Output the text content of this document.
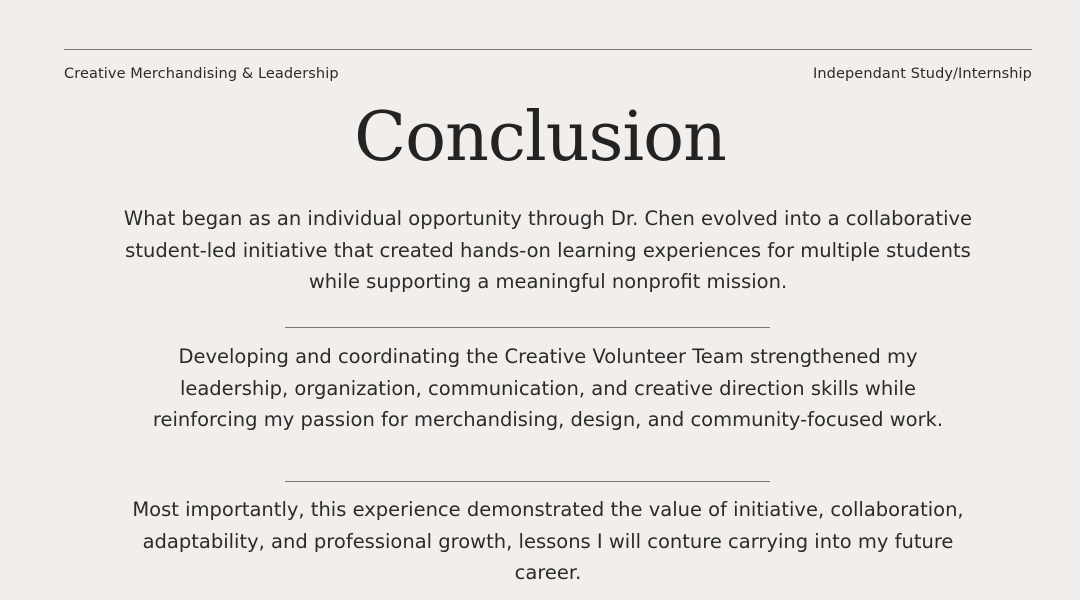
Creative Merchandising & Leadership	Independant Study/Internship
Conclusion

What began as an individual opportunity through Dr. Chen evolved into a collaborative student-led initiative that created hands-on learning experiences for multiple students while supporting a meaningful nonprofit mission.

Developing and coordinating the Creative Volunteer Team strengthened my leadership, organization, communication, and creative direction skills while reinforcing my passion for merchandising, design, and community-focused work.

Most importantly, this experience demonstrated the value of initiative, collaboration, adaptability, and professional growth, lessons I will conture carrying into my future career.
